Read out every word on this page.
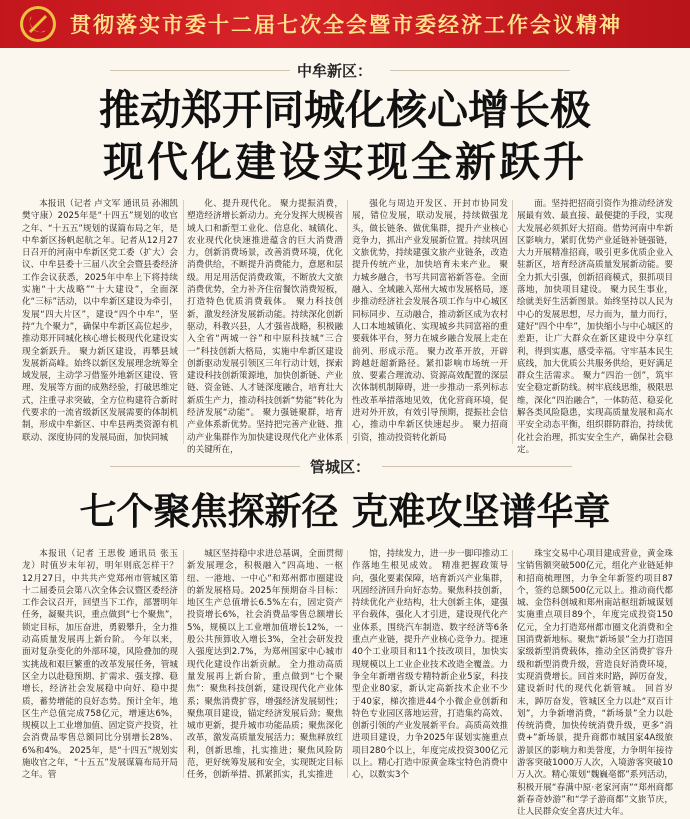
贯彻落实市委十二届七次全会暨市委经济工作会议精神
中牟新区：
推动郑开同城化核心增长极
现代化建设实现全新跃升

本报讯（记者 卢文军 通讯员 孙湘凯 樊守康）2025年是“十四五”规划的收官之年、“十五五”规划的谋篇布局之年，是中牟新区扬帆起航之年。记者从12月27日召开的河南中牟新区党工委（扩大）会议、中牟县委十三届八次全会暨县委经济工作会议获悉，2025年中牟上下将持续实施“十大战略”“十大建设”，全面深化“三标”活动，以中牟新区建设为牵引，发展“四大片区”，建设“四个中牟”，坚持“九个聚力”，确保中牟新区高位起步，推动郑开同城化核心增长极现代化建设实现全新跃升。 聚力新区建设，再攀县域发展新高峰。始终以新区发展理念统筹全域发展，主动学习借鉴外地新区建设、管理、发展等方面的成熟经验，打破思维定式，注重寻求突破，全方位构建符合新时代要求的一流省级新区发展需要的体制机制，形成中牟新区、中牟县两类资源有机联动、深度协同的发展局面，加快同城

化、提升现代化。 聚力提振消费，塑造经济增长新动力。充分发挥大规模省域人口和新型工业化、信息化、城镇化、农业现代化快速推进蕴含的巨大消费潜力，创新消费场景，改善消费环境，优化消费供给，不断提升消费能力，意愿和层级。用足用活促消费政策，不断放大文旅消费优势，全力补齐住宿餐饮消费短板，打造特色优质消费载体。 聚力科技创新，激发经济发展新动能。持续深化创新驱动，科教兴县，人才强省战略，积极融入全省“两城一谷”和中原科技城“三合一”科技创新大格局，实施中牟新区建设创新驱动发展引领区三年行动计划，探索建设科技创新策源地，加快创新链、产业链、资金链、人才链深度融合，培育壮大新质生产力，推动科技创新“势能”转化为经济发展“动能”。 聚力强链聚群，培育产业体系新优势。坚持把完善产业链、推动产业集群作为加快建设现代化产业体系的关键所在，

强化与周边开发区、开封市协同发展，错位发展，联动发展，持续做强龙头，做长链条、做优集群，提升产业核心竞争力，抓出产业发展新位置。持续巩固文旅优势，持续建强文旅产业链条，改造提升传统产业，加快培育未来产业。 聚力城乡融合，书写共同富裕新答卷。全面融入、全域融入郑州大城市发展格局，逐步推动经济社会发展各项工作与中心城区同标同步、互动融合，推动新区成为农村人口本地城镇化、实现城乡共同富裕的重要载体平台，努力在城乡融合发展上走在前列、形成示范。 聚力改革开放，开辟跨越赶超新路径。紧扣影响市场统一开放、要素合理流动、资源高效配置的深层次体制机制障碍，进一步推动一系列标志性改革举措落地见效，优化营商环境，促进对外开放，有效引导预期，提振社会信心，推动中牟新区快速起步。 聚力招商引资，推动投资转化新局

面。坚持把招商引资作为推动经济发展最有效、最直接、最便捷的手段，实现大发展必须抓好大招商。借势河南中牟新区影响力，紧盯优势产业延链补链强链，大力开展精准招商，吸引更多优质企业入驻新区，培育经济高质量发展新动能。要全力抓大引强，创新招商模式，狠抓项目落地，加快项目建设。 聚力民生事业，绘就美好生活新图景。始终坚持以人民为中心的发展思想，尽力而为，量力而行，建好“四个中牟”，加快缩小与中心城区的差距，让广大群众在新区建设中分享红利，得到实惠，感受幸福。守牢基本民生底线，加大优质公共服务供给，更好满足群众生活需求。 聚力“四治一创”，筑牢安全稳定新防线。树牢底线思维，极限思维，深化“四治融合”，一体防范、稳妥化解各类风险隐患，实现高质量发展和高水平安全动态平衡，组织群防群治，持续优化社会治理，抓实安全生产，确保社会稳定。

管城区：
七个聚焦探新径 克难攻坚谱华章

本报讯（记者 王思俊 通讯员 张玉龙）时值岁末年初，明年则底怎样干？12月27日，中共共产党郑州市管城区第十二届委员会第八次全体会议暨区委经济工作会议召开，回望当下工作，部署明年任务，凝聚共识，重点做到“七个聚焦”，锁定目标，加压奋进，勇毅攀升，全力推动高质量发展再上新台阶。 今年以来，面对复杂变化的外部环境，风险叠加的现实挑战和艰巨繁重的改革发展任务，管城区全力以赴稳预期、扩需求、强支撑、稳增长，经济社会发展稳中向好、稳中提质，蓄势增能的良好态势。预计全年，地区生产总值完成758亿元，增速达6%，规模以上工业增加值、固定资产投资，社会消费品零售总额同比分别增长28%、6%和4%。 2025年，是“十四五”规划实施收官之年，“十五五”发展谋篇布局开局之年。管

城区坚持稳中求进总基调，全面贯彻新发展理念，积极融入“四高地、一枢纽、一港地、一中心”和郑州都市圈建设的新发展格局。2025年预期奋斗目标：地区生产总值增长6.5%左右，固定资产投资增长6%，社会消费品零售总额增长5%，规模以上工业增加值增长12%，一般公共预算收入增长3%，全社会研发投入强度达到2.7%，为郑州国家中心城市现代化建设作出新贡献。 全力推动高质量发展再上新台阶，重点做到“七个聚焦”：聚焦科技创新，建设现代化产业体系；聚焦消费扩容，增强经济发展韧性；聚焦项目建设，锚定经济发展后劲；聚焦城市更新，提升城市功能品质；聚焦深化改革，激发高质量发展活力；聚焦释放红利，创新思维，扎实推进；聚焦风险防范，更好统筹发展和安全，实现既定目标任务，创新举措、抓紧抓实，扎实推进

馆，持续发力，进一步一脚印推动工作落地生根见成效。 精准把握政策导向，强化要素保障，培育新兴产业集群，巩固经济回升向好态势。聚焦科技创新，持续优化产业结构，壮大创新主体，建强平台载体，强化人才引进，建设现代化产业体系，围绕汽车制造、数字经济等6条重点产业链，提升产业核心竞争力。提速40个工业项目和11个技改项目，加快实现规模以上工业企业技术改造全覆盖。力争全年新增省级专精特新企业5家，科技型企业80家，新认定高新技术企业不少于40家，梯次推进44个小微企业创新和特色专业园区落地运营，打造集约高效、创新引领的产业发展新平台。高质高效推进项目建设，力争2025年谋划实施重点项目280个以上，年度完成投资300亿元以上。精心打造中原黄金珠宝特色消费中心，以数实3个

珠宝交易中心项目建成营业，黄金珠宝销售额突破500亿元，组化产业链延伸和招商梳理图，力争全年新签约项目87个，签约总额500亿元以上。推动商代都城、金岱科创城和郑州南站枢纽新城谋划实施重点项目89个，年度完成投资150亿元，全力打造郑州都市圈文化消费和全国消费新地标。聚焦“新场景”全力打造国家级新型消费载体，推动全区消费扩容升级和新型消费升级，营造良好消费环境，实现消费增长。回首来时路，踔厉奋发，建设新时代的现代化新管城。 回首岁末，踔厉奋发，管城区全力以赴“双百计划”，力争新增消费，“新场景”全力以赴传统消费，加快传统消费升级，更多“消费+”新场景，提升商都市城国家4A级旅游景区的影响力和美誉度，力争明年接待游客突破1000万人次，入境游客突破10万人次。精心策划“魏巍亳都”系列活动，积极开展“春满中原·老家河南”“郑州商都新春奇妙游”和“学子游商都”文旅节庆，让人民群众安全喜庆过大年。
